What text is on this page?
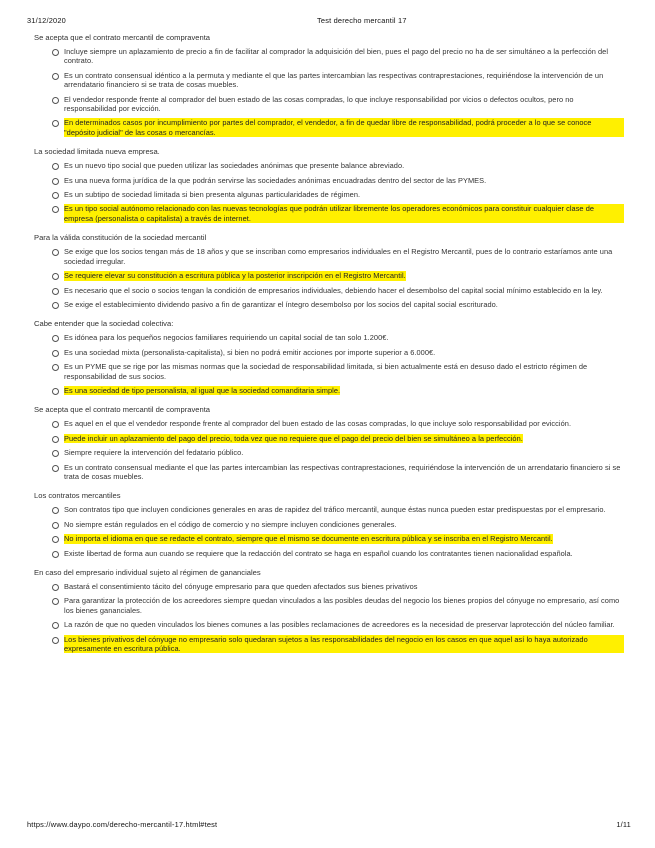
31/12/2020	Test derecho mercantil 17
Se acepta que el contrato mercantil de compraventa
Incluye siempre un aplazamiento de precio a fin de facilitar al comprador la adquisición del bien, pues el pago del precio no ha de ser simultáneo a la perfección del contrato.
Es un contrato consensual idéntico a la permuta y mediante el que las partes intercambian las respectivas contraprestaciones, requiriéndose la intervención de un arrendatario financiero si se trata de cosas muebles.
El vendedor responde frente al comprador del buen estado de las cosas compradas, lo que incluye responsabilidad por vicios o defectos ocultos, pero no responsabilidad por evicción.
En determinados casos por incumplimiento por partes del comprador, el vendedor, a fin de quedar libre de responsabilidad, podrá proceder a lo que se conoce "depósito judicial" de las cosas o mercancías.
La sociedad limitada nueva empresa.
Es un nuevo tipo social que pueden utilizar las sociedades anónimas que presente balance abreviado.
Es una nueva forma jurídica de la que podrán servirse las sociedades anónimas encuadradas dentro del sector de las PYMES.
Es un subtipo de sociedad limitada si bien presenta algunas particularidades de régimen.
Es un tipo social autónomo relacionado con las nuevas tecnologías que podrán utilizar libremente los operadores económicos para constituir cualquier clase de empresa (personalista o capitalista) a través de internet.
Para la válida constitución de la sociedad mercantil
Se exige que los socios tengan más de 18 años y que se inscriban como empresarios individuales en el Registro Mercantil, pues de lo contrario estaríamos ante una sociedad irregular.
Se requiere elevar su constitución a escritura pública y la posterior inscripción en el Registro Mercantil.
Es necesario que el socio o socios tengan la condición de empresarios individuales, debiendo hacer el desembolso del capital social mínimo establecido en la ley.
Se exige el establecimiento dividendo pasivo a fin de garantizar el íntegro desembolso por los socios del capital social escriturado.
Cabe entender que la sociedad colectiva:
Es idónea para los pequeños negocios familiares requiriendo un capital social de tan solo 1.200€.
Es una sociedad mixta (personalista-capitalista), si bien no podrá emitir acciones por importe superior a 6.000€.
Es un PYME que se rige por las mismas normas que la sociedad de responsabilidad limitada, si bien actualmente está en desuso dado el estricto régimen de responsabilidad de sus socios.
Es una sociedad de tipo personalista, al igual que la sociedad comanditaria simple.
Se acepta que el contrato mercantil de compraventa
Es aquel en el que el vendedor responde frente al comprador del buen estado de las cosas compradas, lo que incluye solo responsabilidad por evicción.
Puede incluir un aplazamiento del pago del precio, toda vez que no requiere que el pago del precio del bien se simultáneo a la perfección.
Siempre requiere la intervención del fedatario público.
Es un contrato consensual mediante el que las partes intercambian las respectivas contraprestaciones, requiriéndose la intervención de un arrendatario financiero si se trata de cosas muebles.
Los contratos mercantiles
Son contratos tipo que incluyen condiciones generales en aras de rapidez del tráfico mercantil, aunque éstas nunca pueden estar predispuestas por el empresario.
No siempre están regulados en el código de comercio y no siempre incluyen condiciones generales.
No importa el idioma en que se redacte el contrato, siempre que el mismo se documente en escritura pública y se inscriba en el Registro Mercantil.
Existe libertad de forma aun cuando se requiere que la redacción del contrato se haga en español cuando los contratantes tienen nacionalidad española.
En caso del empresario individual sujeto al régimen de gananciales
Bastará el consentimiento tácito del cónyuge empresario para que queden afectados sus bienes privativos
Para garantizar la protección de los acreedores siempre quedan vinculados a las posibles deudas del negocio los bienes propios del cónyuge no empresario, así como los bienes gananciales.
La razón de que no queden vinculados los bienes comunes a las posibles reclamaciones de acreedores es la necesidad de preservar laprotección del núcleo familiar.
Los bienes privativos del cónyuge no empresario solo quedaran sujetos a las responsabilidades del negocio en los casos en que aquel así lo haya autorizado expresamente en escritura pública.
https://www.daypo.com/derecho-mercantil-17.html#test	1/11
